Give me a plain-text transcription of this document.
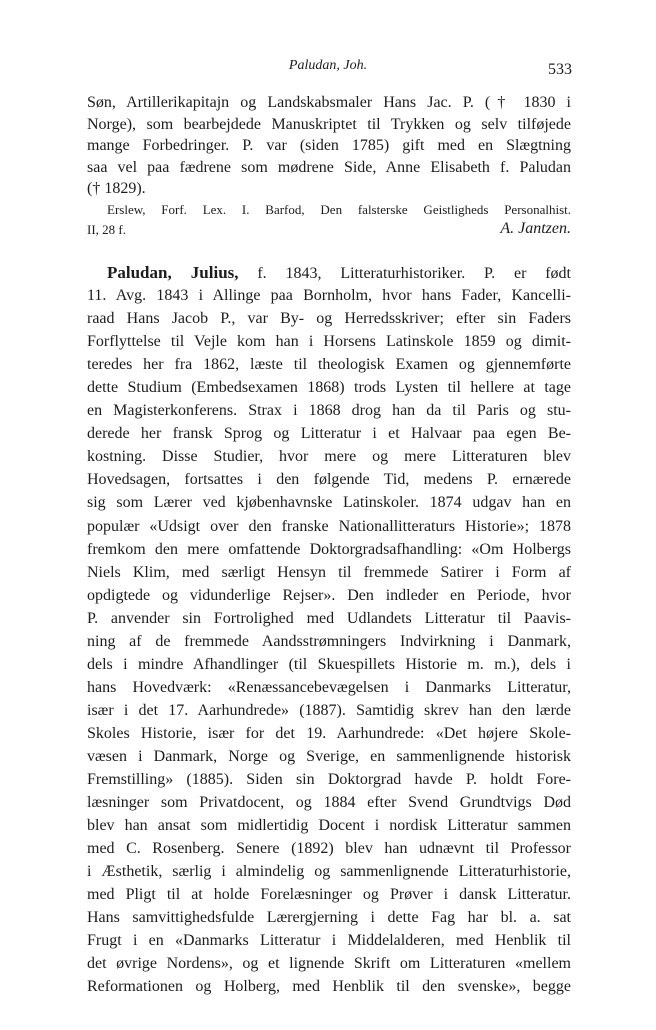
Paludan, Joh.	533
Søn, Artillerikapitajn og Landskabsmaler Hans Jac. P. († 1830 i
Norge), som bearbejdede Manuskriptet til Trykken og selv tilføjede
mange Forbedringer. P. var (siden 1785) gift med en Slægtning
saa vel paa fædrene som mødrene Side, Anne Elisabeth f. Paludan
(† 1829).
Erslew, Forf. Lex. I. Barfod, Den falsterske Geistligheds Personalhist.
II, 28 f.	A. Jantzen.
Paludan, Julius, f. 1843, Litteraturhistoriker. P. er født
11. Avg. 1843 i Allinge paa Bornholm, hvor hans Fader, Kancelli-
raad Hans Jacob P., var By- og Herredsskriver; efter sin Faders
Forflyttelse til Vejle kom han i Horsens Latinskole 1859 og dimit-
teredes her fra 1862, læste til theologisk Examen og gjennemførte
dette Studium (Embedsexamen 1868) trods Lysten til hellere at tage
en Magisterkonferens. Strax i 1868 drog han da til Paris og stu-
derede her fransk Sprog og Litteratur i et Halvaar paa egen Be-
kostning. Disse Studier, hvor mere og mere Litteraturen blev
Hovedsagen, fortsattes i den følgende Tid, medens P. ernærede
sig som Lærer ved kjøbenhavnske Latinskoler. 1874 udgav han en
populær «Udsigt over den franske Nationallitteraturs Historie»; 1878
fremkom den mere omfattende Doktorgradsafhandling: «Om Holbergs
Niels Klim, med særligt Hensyn til fremmede Satirer i Form af
opdigtede og vidunderlige Rejser». Den indleder en Periode, hvor
P. anvender sin Fortrolighed med Udlandets Litteratur til Paavis-
ning af de fremmede Aandsstrømningers Indvirkning i Danmark,
dels i mindre Afhandlinger (til Skuespillets Historie m. m.), dels i
hans Hovedværk: «Renæssancebevægelsen i Danmarks Litteratur,
især i det 17. Aarhundrede» (1887). Samtidig skrev han den lærde
Skoles Historie, især for det 19. Aarhundrede: «Det højere Skole-
væsen i Danmark, Norge og Sverige, en sammenlignende historisk
Fremstilling» (1885). Siden sin Doktorgrad havde P. holdt Fore-
læsninger som Privatdocent, og 1884 efter Svend Grundtvigs Død
blev han ansat som midlertidig Docent i nordisk Litteratur sammen
med C. Rosenberg. Senere (1892) blev han udnævnt til Professor
i Æsthetik, særlig i almindelig og sammenlignende Litteraturhistorie,
med Pligt til at holde Forelæsninger og Prøver i dansk Litteratur.
Hans samvittighedsfulde Lærergjerning i dette Fag har bl. a. sat
Frugt i en «Danmarks Litteratur i Middelalderen, med Henblik til
det øvrige Nordens», og et lignende Skrift om Litteraturen «mellem
Reformationen og Holberg, med Henblik til den svenske», begge
